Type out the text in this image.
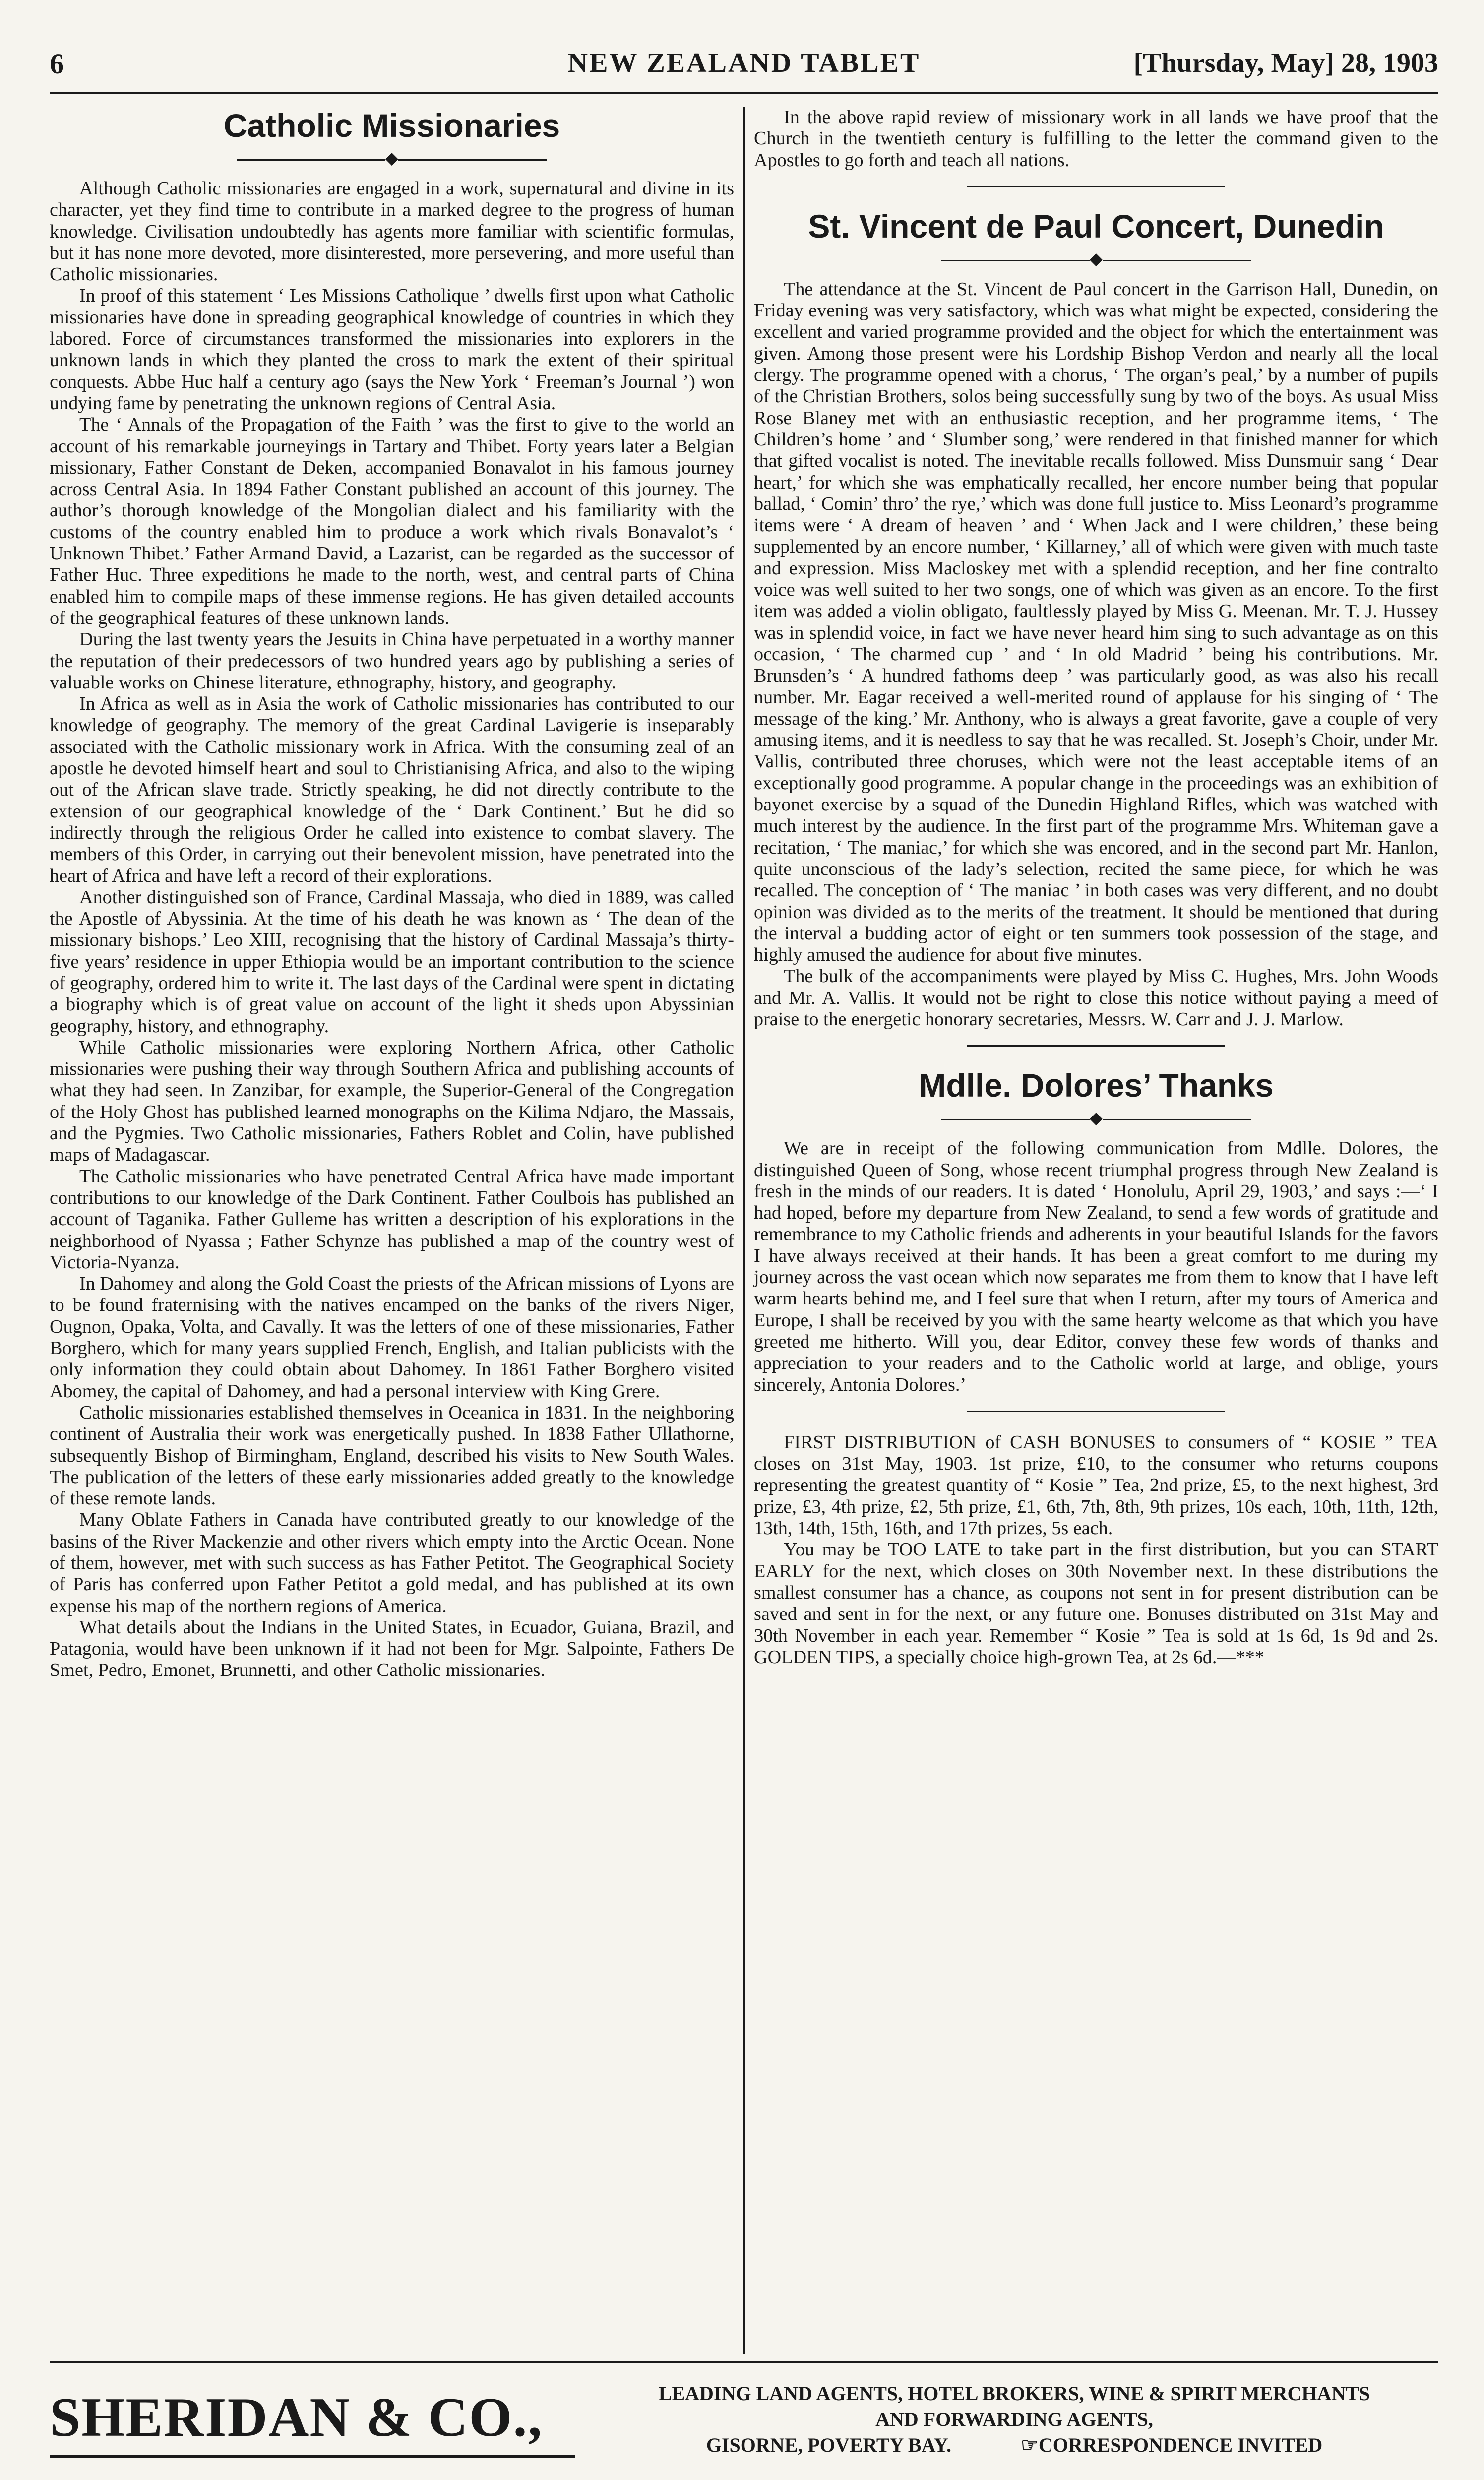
6	NEW ZEALAND TABLET	[Thursday, May] 28, 1903
Catholic Missionaries
◆

Although Catholic missionaries are engaged in a work, supernatural and divine in its character, yet they find time to contribute in a marked degree to the progress of human knowledge. Civilisation undoubtedly has agents more familiar with scientific formulas, but it has none more devoted, more disinterested, more persevering, and more useful than Catholic missionaries.

In proof of this statement ‘ Les Missions Catholique ’ dwells first upon what Catholic missionaries have done in spreading geographical knowledge of countries in which they labored. Force of circumstances transformed the missionaries into explorers in the unknown lands in which they planted the cross to mark the extent of their spiritual conquests. Abbe Huc half a century ago (says the New York ‘ Freeman’s Journal ’) won undying fame by penetrating the unknown regions of Central Asia.

The ‘ Annals of the Propagation of the Faith ’ was the first to give to the world an account of his remarkable journeyings in Tartary and Thibet. Forty years later a Belgian missionary, Father Constant de Deken, accompanied Bonavalot in his famous journey across Central Asia. In 1894 Father Constant published an account of this journey. The author’s thorough knowledge of the Mongolian dialect and his familiarity with the customs of the country enabled him to produce a work which rivals Bonavalot’s ‘ Unknown Thibet.’ Father Armand David, a Lazarist, can be regarded as the successor of Father Huc. Three expeditions he made to the north, west, and central parts of China enabled him to compile maps of these immense regions. He has given detailed accounts of the geographical features of these unknown lands.

During the last twenty years the Jesuits in China have perpetuated in a worthy manner the reputation of their predecessors of two hundred years ago by publishing a series of valuable works on Chinese literature, ethnography, history, and geography.

In Africa as well as in Asia the work of Catholic missionaries has contributed to our knowledge of geography. The memory of the great Cardinal Lavigerie is inseparably associated with the Catholic missionary work in Africa. With the consuming zeal of an apostle he devoted himself heart and soul to Christianising Africa, and also to the wiping out of the African slave trade. Strictly speaking, he did not directly contribute to the extension of our geographical knowledge of the ‘ Dark Continent.’ But he did so indirectly through the religious Order he called into existence to combat slavery. The members of this Order, in carrying out their benevolent mission, have penetrated into the heart of Africa and have left a record of their explorations.

Another distinguished son of France, Cardinal Massaja, who died in 1889, was called the Apostle of Abyssinia. At the time of his death he was known as ‘ The dean of the missionary bishops.’ Leo XIII, recognising that the history of Cardinal Massaja’s thirty-five years’ residence in upper Ethiopia would be an important contribution to the science of geography, ordered him to write it. The last days of the Cardinal were spent in dictating a biography which is of great value on account of the light it sheds upon Abyssinian geography, history, and ethnography.

While Catholic missionaries were exploring Northern Africa, other Catholic missionaries were pushing their way through Southern Africa and publishing accounts of what they had seen. In Zanzibar, for example, the Superior-General of the Congregation of the Holy Ghost has published learned monographs on the Kilima Ndjaro, the Massais, and the Pygmies. Two Catholic missionaries, Fathers Roblet and Colin, have published maps of Madagascar.

The Catholic missionaries who have penetrated Central Africa have made important contributions to our knowledge of the Dark Continent. Father Coulbois has published an account of Taganika. Father Gulleme has written a description of his explorations in the neighborhood of Nyassa ; Father Schynze has published a map of the country west of Victoria-Nyanza.

In Dahomey and along the Gold Coast the priests of the African missions of Lyons are to be found fraternising with the natives encamped on the banks of the rivers Niger, Ougnon, Opaka, Volta, and Cavally. It was the letters of one of these missionaries, Father Borghero, which for many years supplied French, English, and Italian publicists with the only information they could obtain about Dahomey. In 1861 Father Borghero visited Abomey, the capital of Dahomey, and had a personal interview with King Grere.

Catholic missionaries established themselves in Oceanica in 1831. In the neighboring continent of Australia their work was energetically pushed. In 1838 Father Ullathorne, subsequently Bishop of Birmingham, England, described his visits to New South Wales. The publication of the letters of these early missionaries added greatly to the knowledge of these remote lands.

Many Oblate Fathers in Canada have contributed greatly to our knowledge of the basins of the River Mackenzie and other rivers which empty into the Arctic Ocean. None of them, however, met with such success as has Father Petitot. The Geographical Society of Paris has conferred upon Father Petitot a gold medal, and has published at its own expense his map of the northern regions of America.

What details about the Indians in the United States, in Ecuador, Guiana, Brazil, and Patagonia, would have been unknown if it had not been for Mgr. Salpointe, Fathers De Smet, Pedro, Emonet, Brunnetti, and other Catholic missionaries.

In the above rapid review of missionary work in all lands we have proof that the Church in the twentieth century is fulfilling to the letter the command given to the Apostles to go forth and teach all nations.

St. Vincent de Paul Concert, Dunedin
◆

The attendance at the St. Vincent de Paul concert in the Garrison Hall, Dunedin, on Friday evening was very satisfactory, which was what might be expected, considering the excellent and varied programme provided and the object for which the entertainment was given. Among those present were his Lordship Bishop Verdon and nearly all the local clergy. The programme opened with a chorus, ‘ The organ’s peal,’ by a number of pupils of the Christian Brothers, solos being successfully sung by two of the boys. As usual Miss Rose Blaney met with an enthusiastic reception, and her programme items, ‘ The Children’s home ’ and ‘ Slumber song,’ were rendered in that finished manner for which that gifted vocalist is noted. The inevitable recalls followed. Miss Dunsmuir sang ‘ Dear heart,’ for which she was emphatically recalled, her encore number being that popular ballad, ‘ Comin’ thro’ the rye,’ which was done full justice to. Miss Leonard’s programme items were ‘ A dream of heaven ’ and ‘ When Jack and I were children,’ these being supplemented by an encore number, ‘ Killarney,’ all of which were given with much taste and expression. Miss Macloskey met with a splendid reception, and her fine contralto voice was well suited to her two songs, one of which was given as an encore. To the first item was added a violin obligato, faultlessly played by Miss G. Meenan. Mr. T. J. Hussey was in splendid voice, in fact we have never heard him sing to such advantage as on this occasion, ‘ The charmed cup ’ and ‘ In old Madrid ’ being his contributions. Mr. Brunsden’s ‘ A hundred fathoms deep ’ was particularly good, as was also his recall number. Mr. Eagar received a well-merited round of applause for his singing of ‘ The message of the king.’ Mr. Anthony, who is always a great favorite, gave a couple of very amusing items, and it is needless to say that he was recalled. St. Joseph’s Choir, under Mr. Vallis, contributed three choruses, which were not the least acceptable items of an exceptionally good programme. A popular change in the proceedings was an exhibition of bayonet exercise by a squad of the Dunedin Highland Rifles, which was watched with much interest by the audience. In the first part of the programme Mrs. Whiteman gave a recitation, ‘ The maniac,’ for which she was encored, and in the second part Mr. Hanlon, quite unconscious of the lady’s selection, recited the same piece, for which he was recalled. The conception of ‘ The maniac ’ in both cases was very different, and no doubt opinion was divided as to the merits of the treatment. It should be mentioned that during the interval a budding actor of eight or ten summers took possession of the stage, and highly amused the audience for about five minutes.

The bulk of the accompaniments were played by Miss C. Hughes, Mrs. John Woods and Mr. A. Vallis. It would not be right to close this notice without paying a meed of praise to the energetic honorary secretaries, Messrs. W. Carr and J. J. Marlow.

Mdlle. Dolores’ Thanks
◆

We are in receipt of the following communication from Mdlle. Dolores, the distinguished Queen of Song, whose recent triumphal progress through New Zealand is fresh in the minds of our readers. It is dated ‘ Honolulu, April 29, 1903,’ and says :—‘ I had hoped, before my departure from New Zealand, to send a few words of gratitude and remembrance to my Catholic friends and adherents in your beautiful Islands for the favors I have always received at their hands. It has been a great comfort to me during my journey across the vast ocean which now separates me from them to know that I have left warm hearts behind me, and I feel sure that when I return, after my tours of America and Europe, I shall be received by you with the same hearty welcome as that which you have greeted me hitherto. Will you, dear Editor, convey these few words of thanks and appreciation to your readers and to the Catholic world at large, and oblige, yours sincerely, Antonia Dolores.’

FIRST DISTRIBUTION of CASH BONUSES to consumers of “ KOSIE ” TEA closes on 31st May, 1903. 1st prize, £10, to the consumer who returns coupons representing the greatest quantity of “ Kosie ” Tea, 2nd prize, £5, to the next highest, 3rd prize, £3, 4th prize, £2, 5th prize, £1, 6th, 7th, 8th, 9th prizes, 10s each, 10th, 11th, 12th, 13th, 14th, 15th, 16th, and 17th prizes, 5s each.

You may be TOO LATE to take part in the first distribution, but you can START EARLY for the next, which closes on 30th November next. In these distributions the smallest consumer has a chance, as coupons not sent in for present distribution can be saved and sent in for the next, or any future one. Bonuses distributed on 31st May and 30th November in each year. Remember “ Kosie ” Tea is sold at 1s 6d, 1s 9d and 2s. GOLDEN TIPS, a specially choice high-grown Tea, at 2s 6d.—***

SHERIDAN & CO.,	LEADING LAND AGENTS, HOTEL BROKERS, WINE & SPIRIT MERCHANTS
AND FORWARDING AGENTS,
GISORNE, POVERTY BAY.	☞CORRESPONDENCE INVITED
